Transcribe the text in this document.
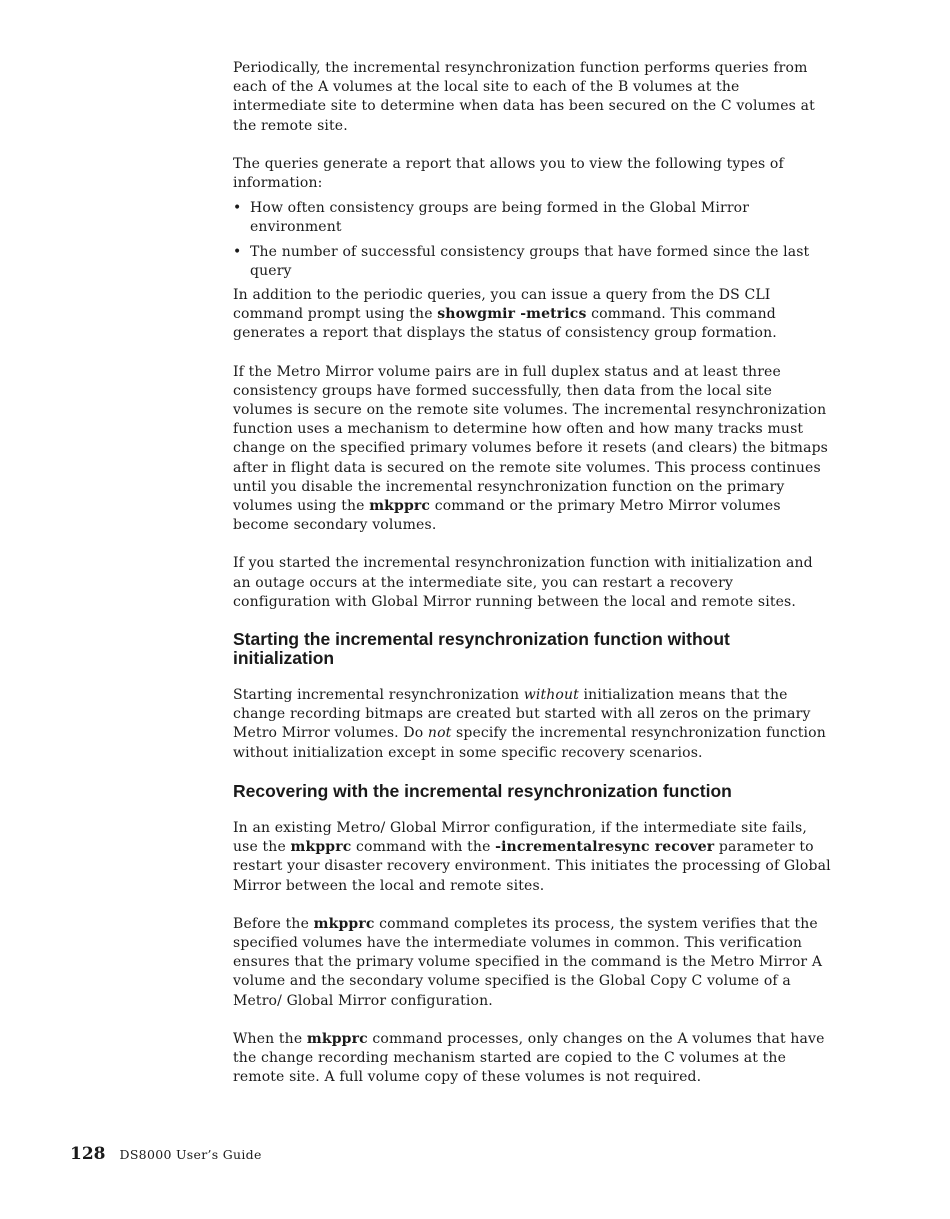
Periodically, the incremental resynchronization function performs queries from each of the A volumes at the local site to each of the B volumes at the intermediate site to determine when data has been secured on the C volumes at the remote site.

The queries generate a report that allows you to view the following types of information:

• How often consistency groups are being formed in the Global Mirror environment
• The number of successful consistency groups that have formed since the last query

In addition to the periodic queries, you can issue a query from the DS CLI command prompt using the showgmir -metrics command. This command generates a report that displays the status of consistency group formation.

If the Metro Mirror volume pairs are in full duplex status and at least three consistency groups have formed successfully, then data from the local site volumes is secure on the remote site volumes. The incremental resynchronization function uses a mechanism to determine how often and how many tracks must change on the specified primary volumes before it resets (and clears) the bitmaps after in flight data is secured on the remote site volumes. This process continues until you disable the incremental resynchronization function on the primary volumes using the mkpprc command or the primary Metro Mirror volumes become secondary volumes.

If you started the incremental resynchronization function with initialization and an outage occurs at the intermediate site, you can restart a recovery configuration with Global Mirror running between the local and remote sites.

Starting the incremental resynchronization function without initialization

Starting incremental resynchronization without initialization means that the change recording bitmaps are created but started with all zeros on the primary Metro Mirror volumes. Do not specify the incremental resynchronization function without initialization except in some specific recovery scenarios.

Recovering with the incremental resynchronization function

In an existing Metro/ Global Mirror configuration, if the intermediate site fails, use the mkpprc command with the -incrementalresync recover parameter to restart your disaster recovery environment. This initiates the processing of Global Mirror between the local and remote sites.

Before the mkpprc command completes its process, the system verifies that the specified volumes have the intermediate volumes in common. This verification ensures that the primary volume specified in the command is the Metro Mirror A volume and the secondary volume specified is the Global Copy C volume of a Metro/ Global Mirror configuration.

When the mkpprc command processes, only changes on the A volumes that have the change recording mechanism started are copied to the C volumes at the remote site. A full volume copy of these volumes is not required.

128 DS8000 User’s Guide
